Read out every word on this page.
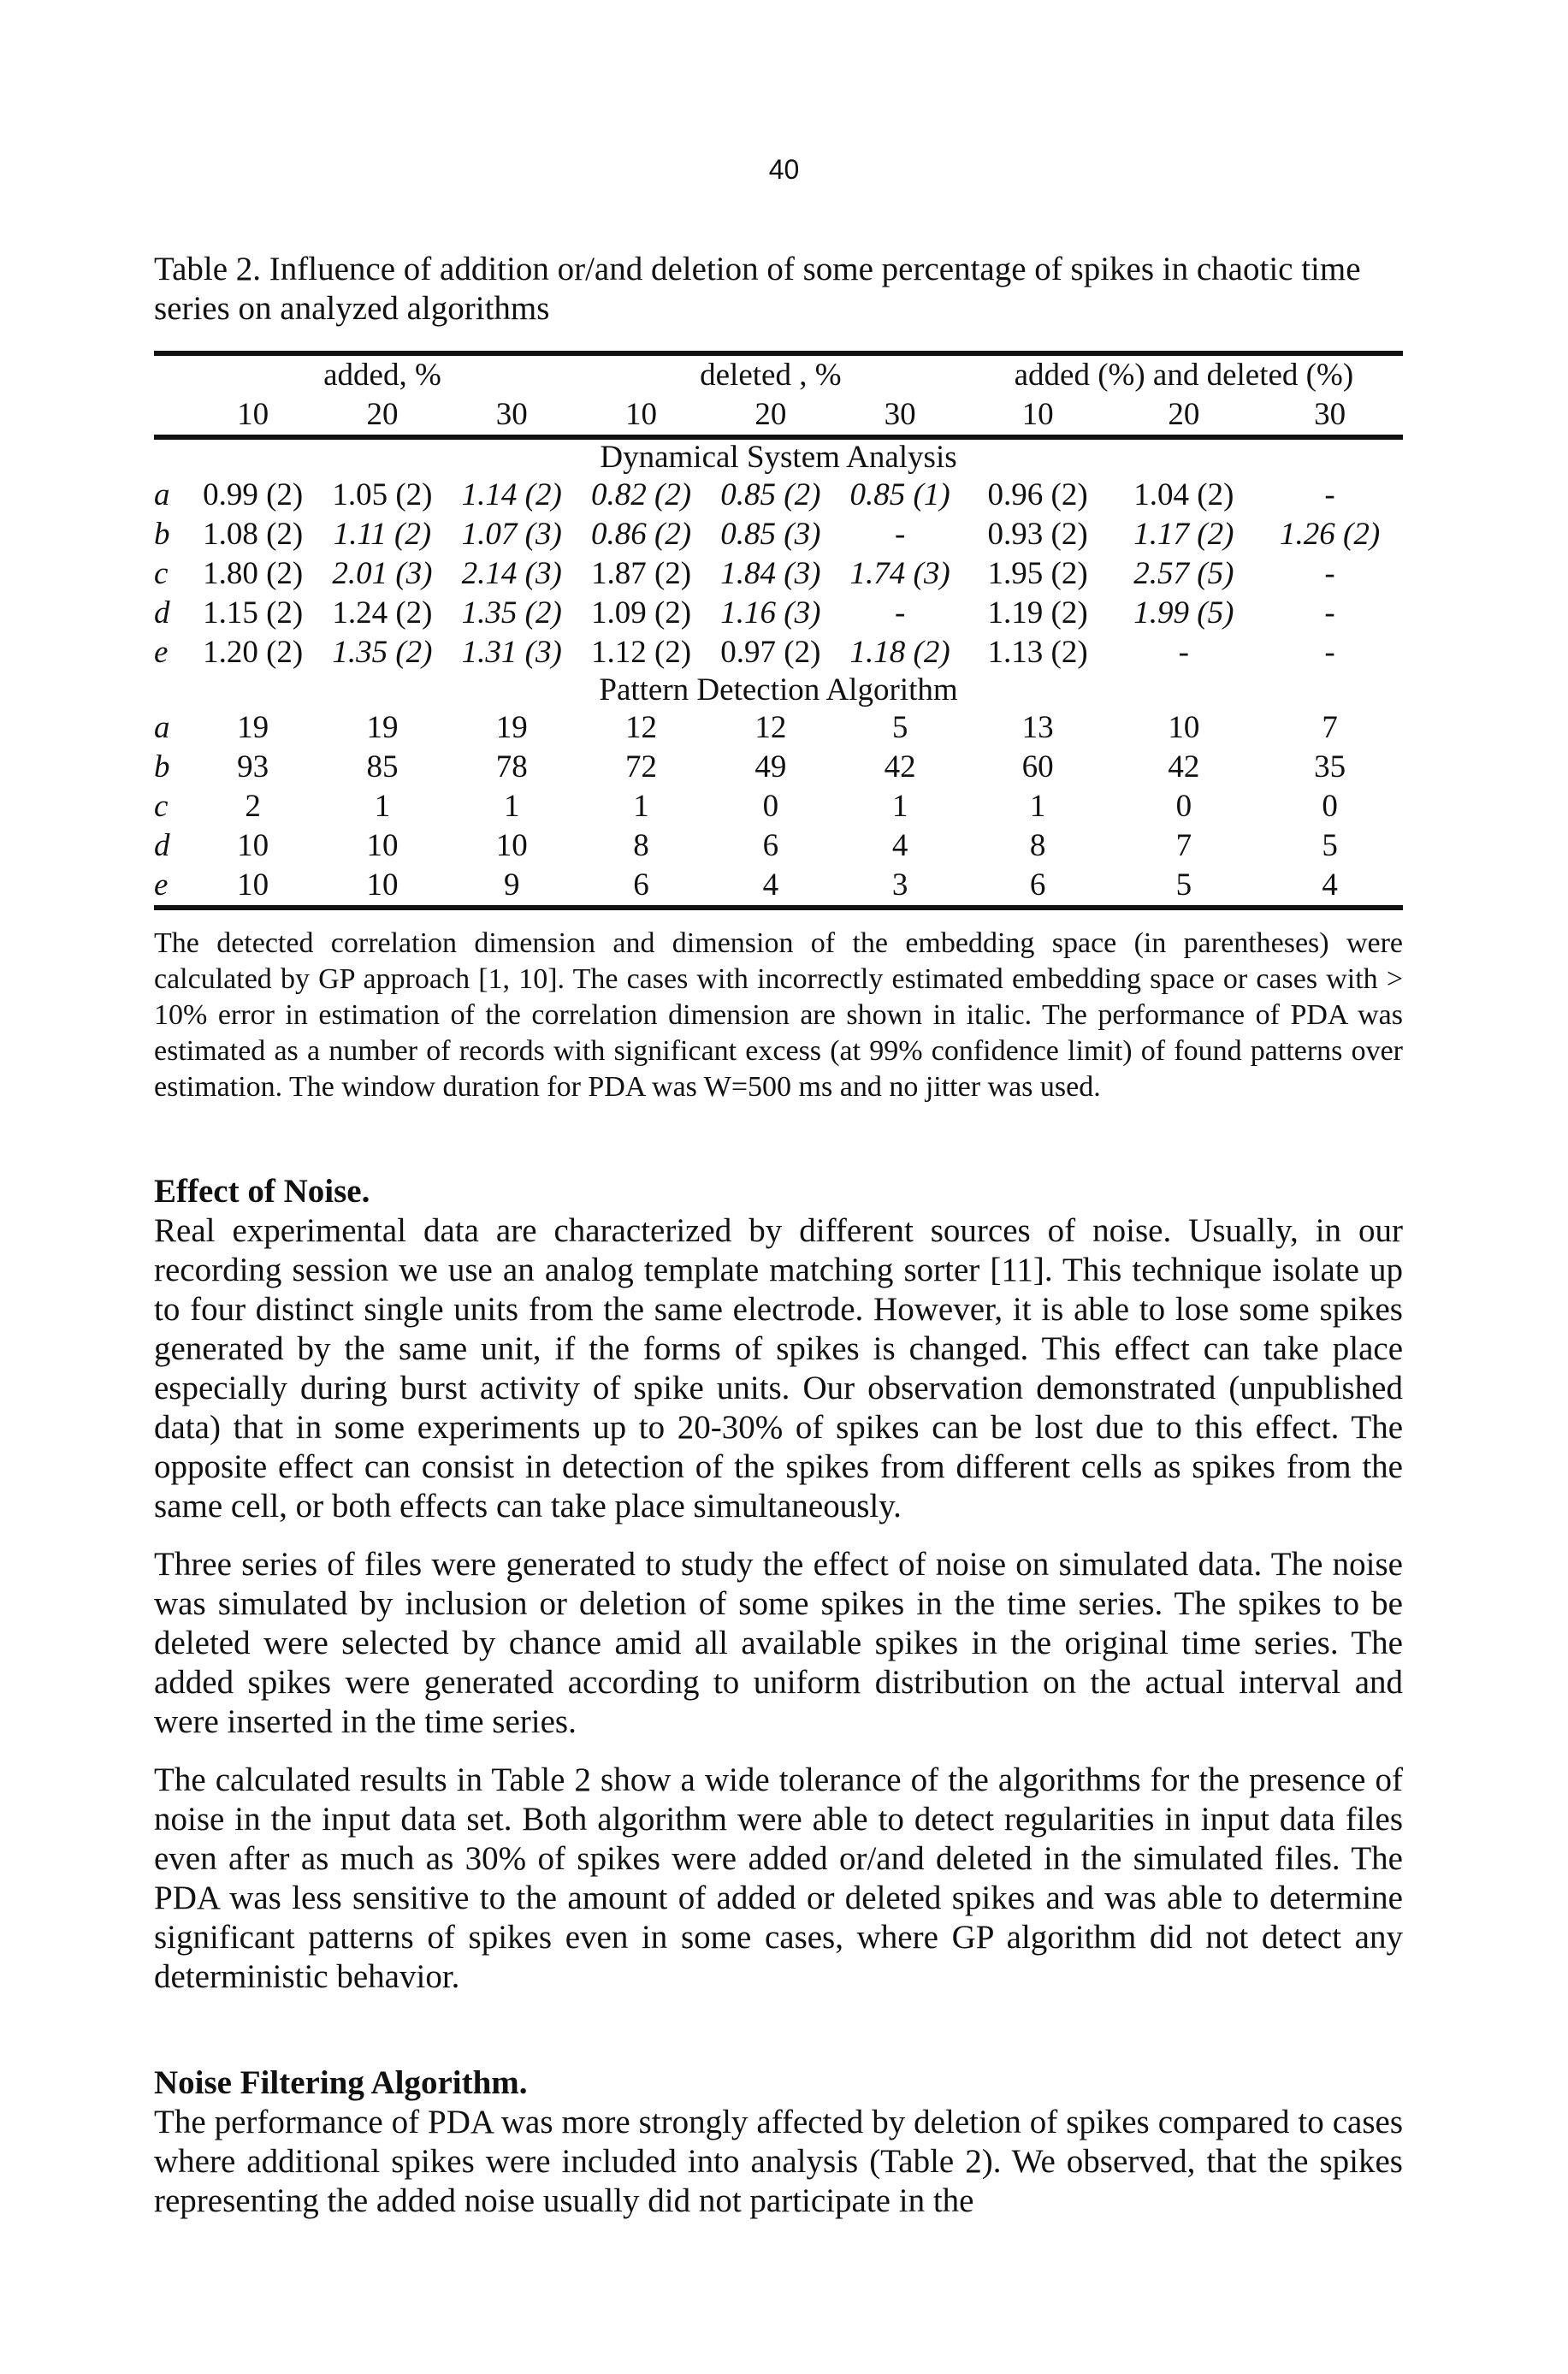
40

Table 2. Influence of addition or/and deletion of some percentage of spikes in chaotic time series on analyzed algorithms

	added, %			deleted , %			added (%) and deleted (%)		
	10	20	30	10	20	30	10	20	30
Dynamical System Analysis									
a	0.99 (2)	1.05 (2)	1.14 (2)	0.82 (2)	0.85 (2)	0.85 (1)	0.96 (2)	1.04 (2)	-
b	1.08 (2)	1.11 (2)	1.07 (3)	0.86 (2)	0.85 (3)	-	0.93 (2)	1.17 (2)	1.26 (2)
c	1.80 (2)	2.01 (3)	2.14 (3)	1.87 (2)	1.84 (3)	1.74 (3)	1.95 (2)	2.57 (5)	-
d	1.15 (2)	1.24 (2)	1.35 (2)	1.09 (2)	1.16 (3)	-	1.19 (2)	1.99 (5)	-
e	1.20 (2)	1.35 (2)	1.31 (3)	1.12 (2)	0.97 (2)	1.18 (2)	1.13 (2)	-	-
Pattern Detection Algorithm									
a	19	19	19	12	12	5	13	10	7
b	93	85	78	72	49	42	60	42	35
c	2	1	1	1	0	1	1	0	0
d	10	10	10	8	6	4	8	7	5
e	10	10	9	6	4	3	6	5	4

The detected correlation dimension and dimension of the embedding space (in parentheses) were calculated by GP approach [1, 10]. The cases with incorrectly estimated embedding space or cases with > 10% error in estimation of the correlation dimension are shown in italic. The performance of PDA was estimated as a number of records with significant excess (at 99% confidence limit) of found patterns over estimation. The window duration for PDA was W=500 ms and no jitter was used.

Effect of Noise.

Real experimental data are characterized by different sources of noise. Usually, in our recording session we use an analog template matching sorter [11]. This technique isolate up to four distinct single units from the same electrode. However, it is able to lose some spikes generated by the same unit, if the forms of spikes is changed. This effect can take place especially during burst activity of spike units. Our observation demonstrated (unpublished data) that in some experiments up to 20-30% of spikes can be lost due to this effect. The opposite effect can consist in detection of the spikes from different cells as spikes from the same cell, or both effects can take place simultaneously.

Three series of files were generated to study the effect of noise on simulated data. The noise was simulated by inclusion or deletion of some spikes in the time series. The spikes to be deleted were selected by chance amid all available spikes in the original time series. The added spikes were generated according to uniform distribution on the actual interval and were inserted in the time series.

The calculated results in Table 2 show a wide tolerance of the algorithms for the presence of noise in the input data set. Both algorithm were able to detect regularities in input data files even after as much as 30% of spikes were added or/and deleted in the simulated files. The PDA was less sensitive to the amount of added or deleted spikes and was able to determine significant patterns of spikes even in some cases, where GP algorithm did not detect any deterministic behavior.

Noise Filtering Algorithm.

The performance of PDA was more strongly affected by deletion of spikes compared to cases where additional spikes were included into analysis (Table 2). We observed, that the spikes representing the added noise usually did not participate in the
